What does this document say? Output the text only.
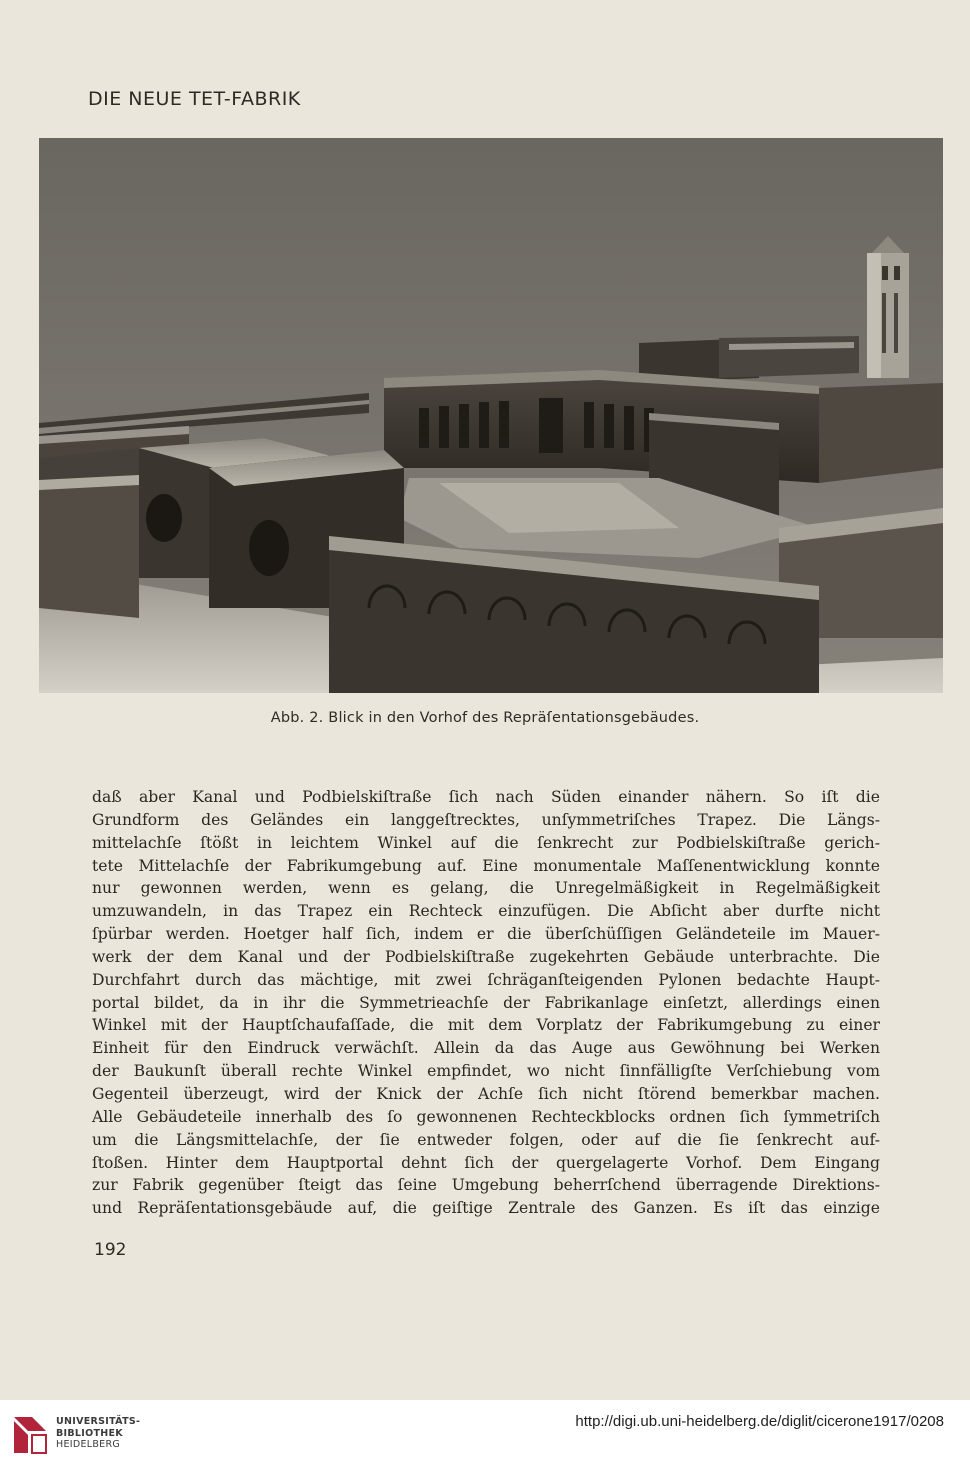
DIE NEUE TET-FABRIK
Abb. 2. Blick in den Vorhof des Repräſentationsgebäudes.
daß aber Kanal und Podbielskiſtraße ſich nach Süden einander nähern. So iſt die
Grundform des Geländes ein langgeſtrecktes, unſymmetriſches Trapez. Die Längs-
mittelachſe ſtößt in leichtem Winkel auf die ſenkrecht zur Podbielskiſtraße gerich-
tete Mittelachſe der Fabrikumgebung auf. Eine monumentale Maſſenentwicklung konnte
nur gewonnen werden, wenn es gelang, die Unregelmäßigkeit in Regelmäßigkeit
umzuwandeln, in das Trapez ein Rechteck einzufügen. Die Abſicht aber durfte nicht
ſpürbar werden. Hoetger half ſich, indem er die überſchüſſigen Geländeteile im Mauer-
werk der dem Kanal und der Podbielskiſtraße zugekehrten Gebäude unterbrachte. Die
Durchfahrt durch das mächtige, mit zwei ſchräganſteigenden Pylonen bedachte Haupt-
portal bildet, da in ihr die Symmetrieachſe der Fabrikanlage einſetzt, allerdings einen
Winkel mit der Hauptſchaufaſſade, die mit dem Vorplatz der Fabrikumgebung zu einer
Einheit für den Eindruck verwächſt. Allein da das Auge aus Gewöhnung bei Werken
der Baukunſt überall rechte Winkel empfindet, wo nicht ſinnfälligſte Verſchiebung vom
Gegenteil überzeugt, wird der Knick der Achſe ſich nicht ſtörend bemerkbar machen.
Alle Gebäudeteile innerhalb des ſo gewonnenen Rechteckblocks ordnen ſich ſymmetriſch
um die Längsmittelachſe, der ſie entweder folgen, oder auf die ſie ſenkrecht auf-
ſtoßen. Hinter dem Hauptportal dehnt ſich der quergelagerte Vorhof. Dem Eingang
zur Fabrik gegenüber ſteigt das ſeine Umgebung beherrſchend überragende Direktions-
und Repräſentationsgebäude auf, die geiſtige Zentrale des Ganzen. Es iſt das einzige
192
UNIVERSITÄTS-
BIBLIOTHEK
HEIDELBERG
http://digi.ub.uni-heidelberg.de/diglit/cicerone1917/0208
